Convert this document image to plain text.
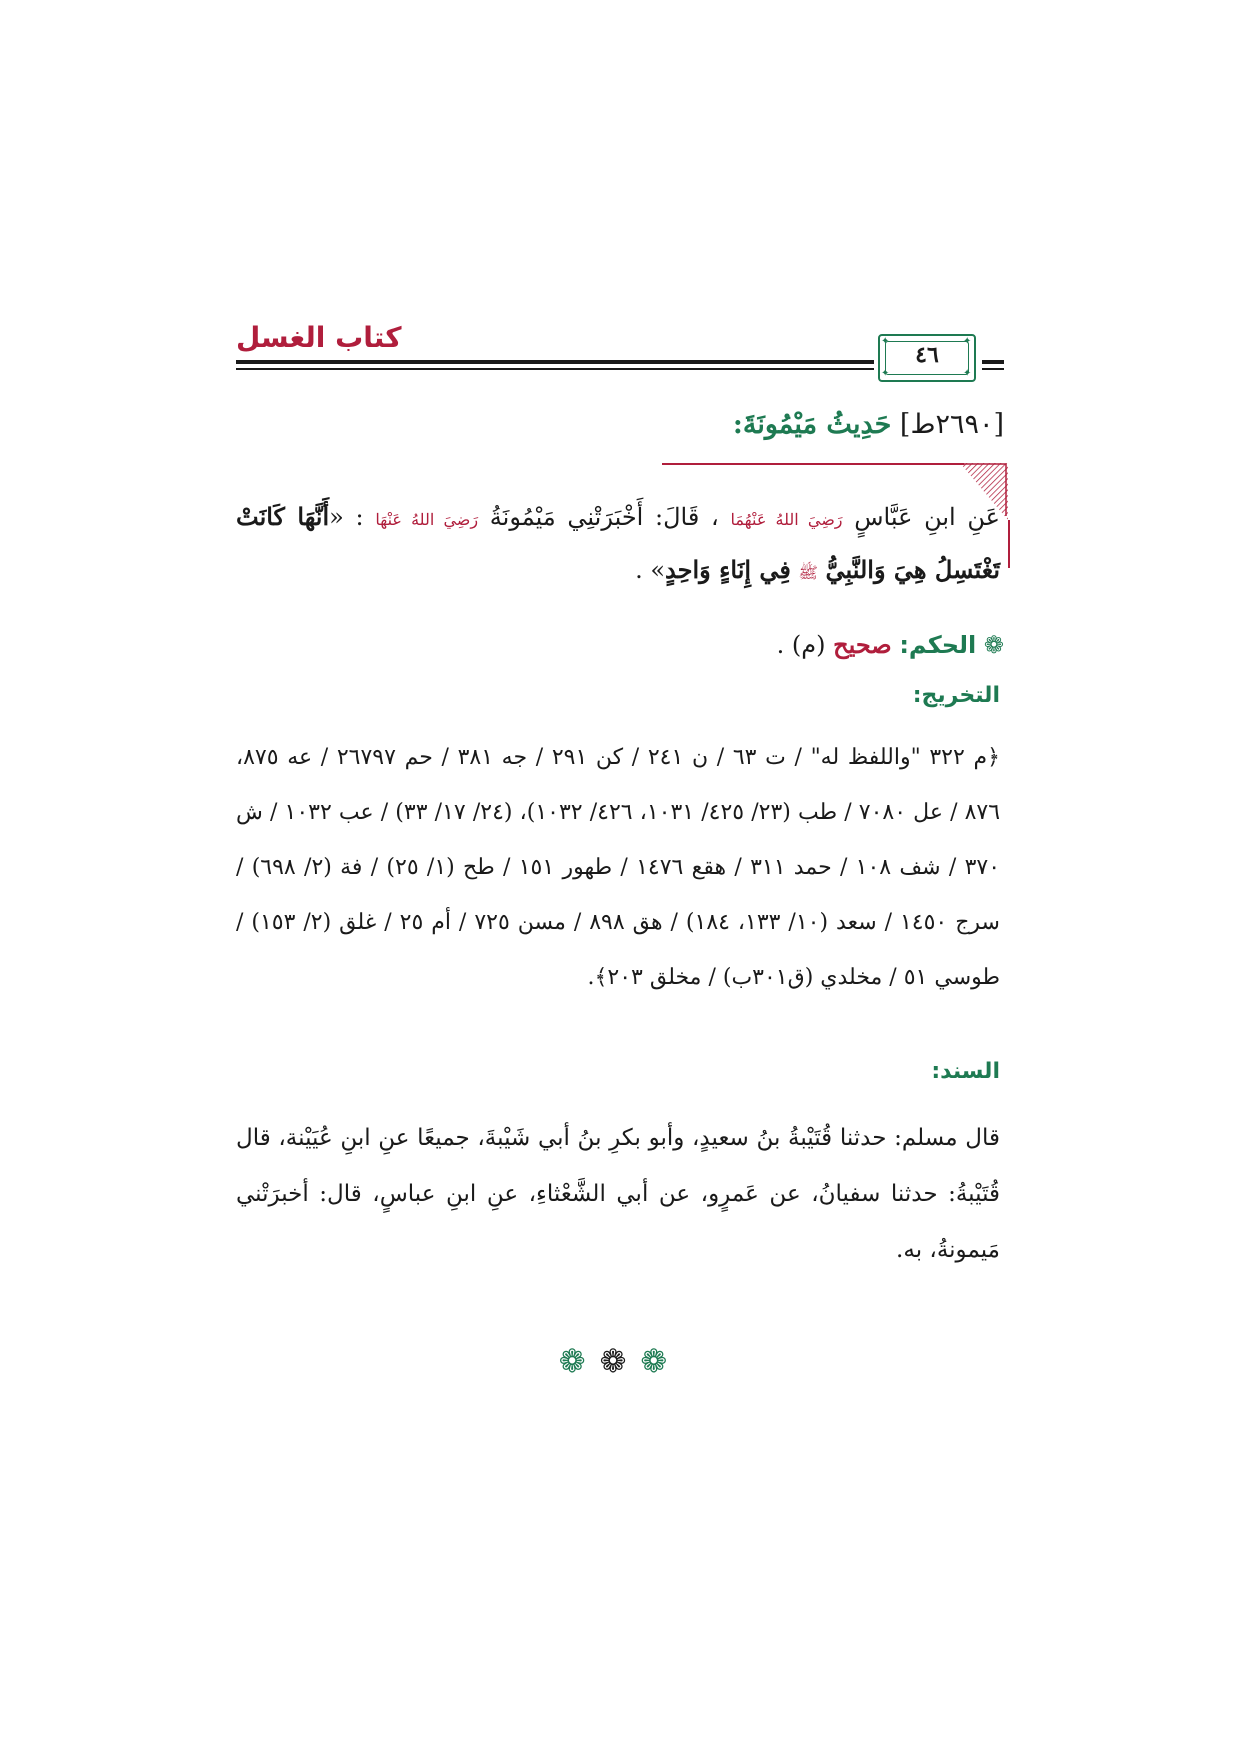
كتاب الغسل	✦	✦
✦	✦
٤٦
[٢٦٩٠ط] حَدِيثُ مَيْمُونَةَ:
عَنِ ابنِ عَبَّاسٍ رَضِيَ اللهُ عَنْهُمَا ، قَالَ: أَخْبَرَتْنِي مَيْمُونَةُ رَضِيَ اللهُ عَنْهَا : «أَنَّهَا كَانَتْ تَغْتَسِلُ هِيَ وَالنَّبِيُّ ﷺ فِي إِنَاءٍ وَاحِدٍ» .
❁ الحكم: صحيح (م) .
التخريج:
﴿م ٣٢٢ "واللفظ له" / ت ٦٣ / ن ٢٤١ / كن ٢٩١ / جه ٣٨١ / حم ٢٦٧٩٧ / عه ٨٧٥، ٨٧٦ / عل ٧٠٨٠ / طب (٢٣/ ٤٢٥/ ١٠٣١، ٤٢٦/ ١٠٣٢)، (٢٤/ ١٧/ ٣٣) / عب ١٠٣٢ / ش ٣٧٠ / شف ١٠٨ / حمد ٣١١ / هقع ١٤٧٦ / طهور ١٥١ / طح (١/ ٢٥) / فة (٢/ ٦٩٨) / سرج ١٤٥٠ / سعد (١٠/ ١٣٣، ١٨٤) / هق ٨٩٨ / مسن ٧٢٥ / أم ٢٥ / غلق (٢/ ١٥٣) / طوسي ٥١ / مخلدي (ق٣٠١ب) / مخلق ٢٠٣﴾.
السند:
قال مسلم: حدثنا قُتَيْبةُ بنُ سعيدٍ، وأبو بكرِ بنُ أبي شَيْبةَ، جميعًا عنِ ابنِ عُيَيْنة، قال قُتَيْبةُ: حدثنا سفيانُ، عن عَمرٍو، عن أبي الشَّعْثاءِ، عنِ ابنِ عباسٍ، قال: أخبرَتْني مَيمونةُ، به.
❁❁❁
